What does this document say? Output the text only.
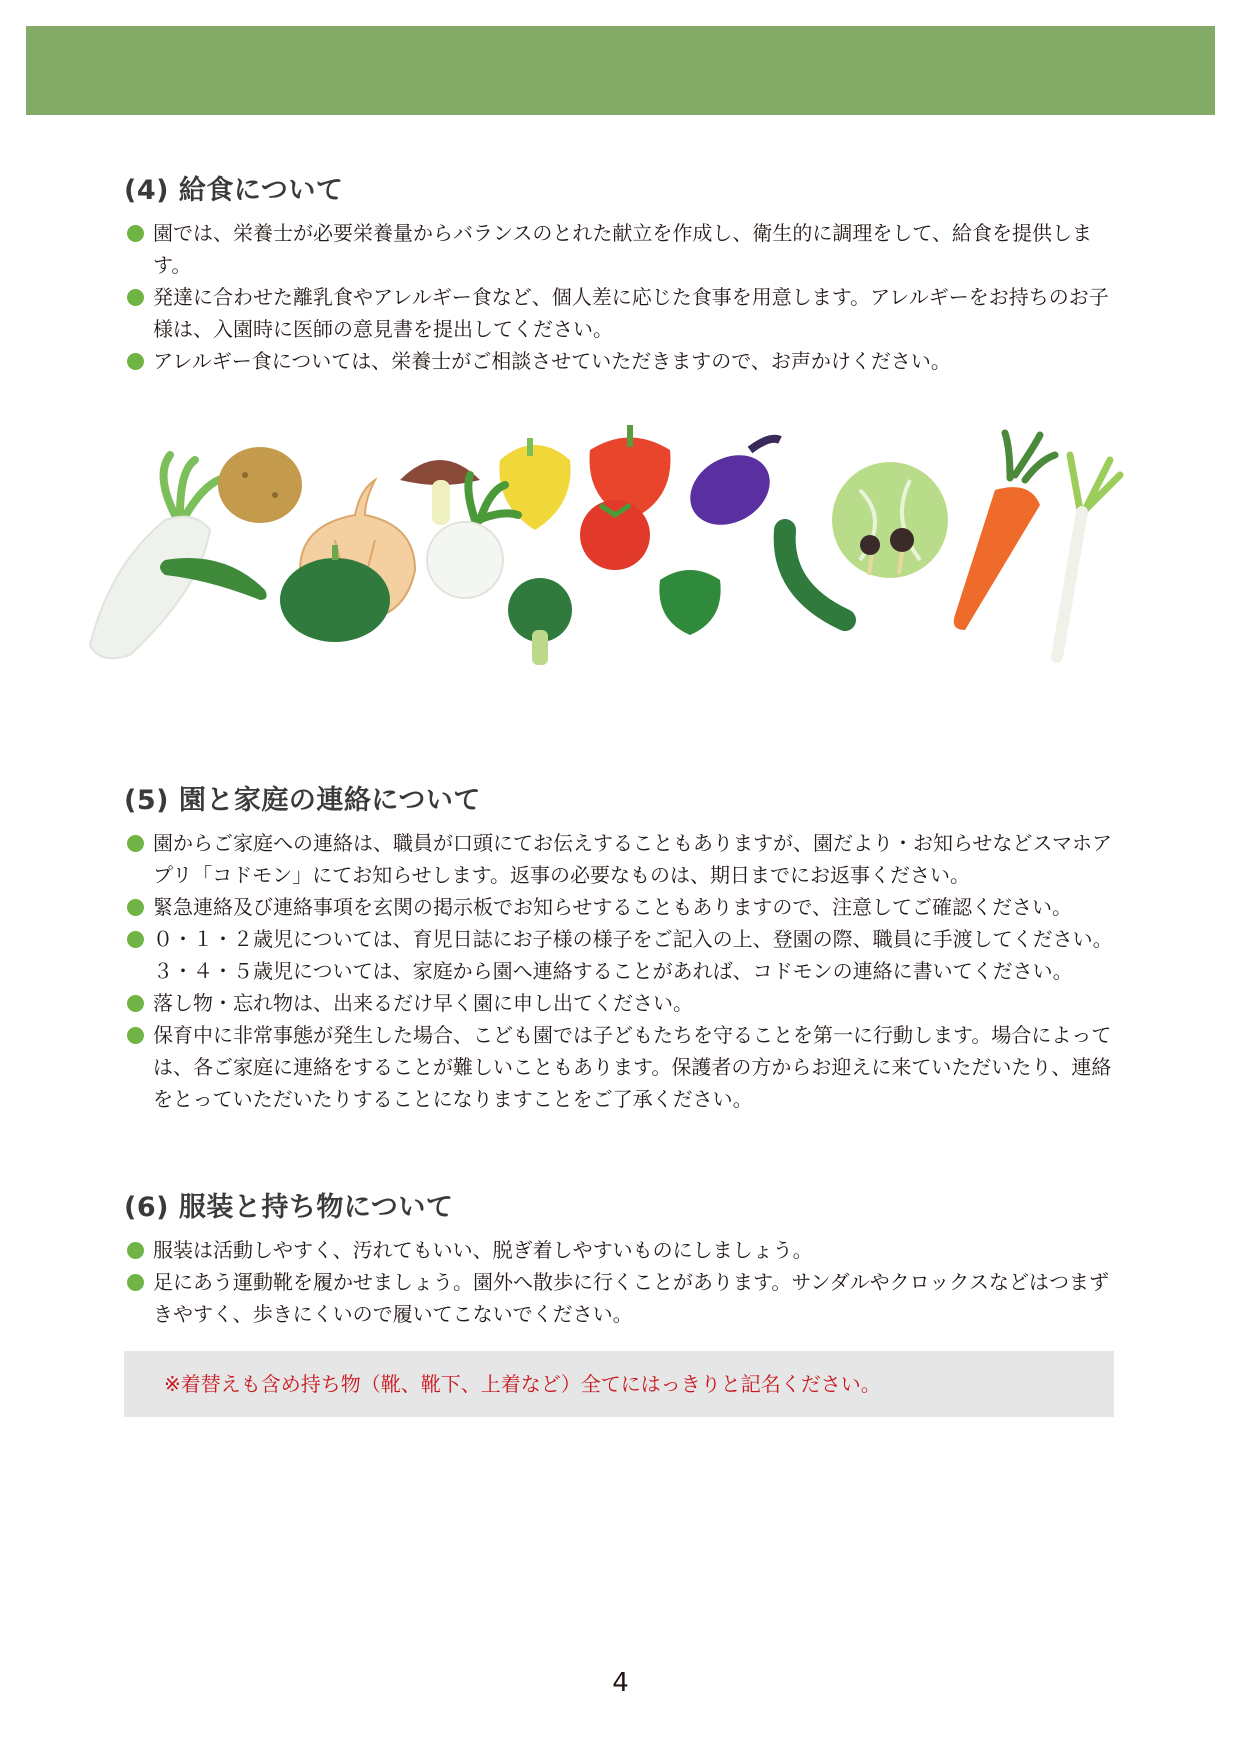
(4) 給食について
園では、栄養士が必要栄養量からバランスのとれた献立を作成し、衛生的に調理をして、給食を提供します。
発達に合わせた離乳食やアレルギー食など、個人差に応じた食事を用意します。アレルギーをお持ちのお子様は、入園時に医師の意見書を提出してください。
アレルギー食については、栄養士がご相談させていただきますので、お声かけください。
(5) 園と家庭の連絡について
園からご家庭への連絡は、職員が口頭にてお伝えすることもありますが、園だより・お知らせなどスマホアプリ「コドモン」にてお知らせします。返事の必要なものは、期日までにお返事ください。
緊急連絡及び連絡事項を玄関の掲示板でお知らせすることもありますので、注意してご確認ください。
０・１・２歳児については、育児日誌にお子様の様子をご記入の上、登園の際、職員に手渡してください。３・４・５歳児については、家庭から園へ連絡することがあれば、コドモンの連絡に書いてください。
落し物・忘れ物は、出来るだけ早く園に申し出てください。
保育中に非常事態が発生した場合、こども園では子どもたちを守ることを第一に行動します。場合によっては、各ご家庭に連絡をすることが難しいこともあります。保護者の方からお迎えに来ていただいたり、連絡をとっていただいたりすることになりますことをご了承ください。
(6) 服装と持ち物について
服装は活動しやすく、汚れてもいい、脱ぎ着しやすいものにしましょう。
足にあう運動靴を履かせましょう。園外へ散歩に行くことがあります。サンダルやクロックスなどはつまずきやすく、歩きにくいので履いてこないでください。
※着替えも含め持ち物（靴、靴下、上着など）全てにはっきりと記名ください。
4
